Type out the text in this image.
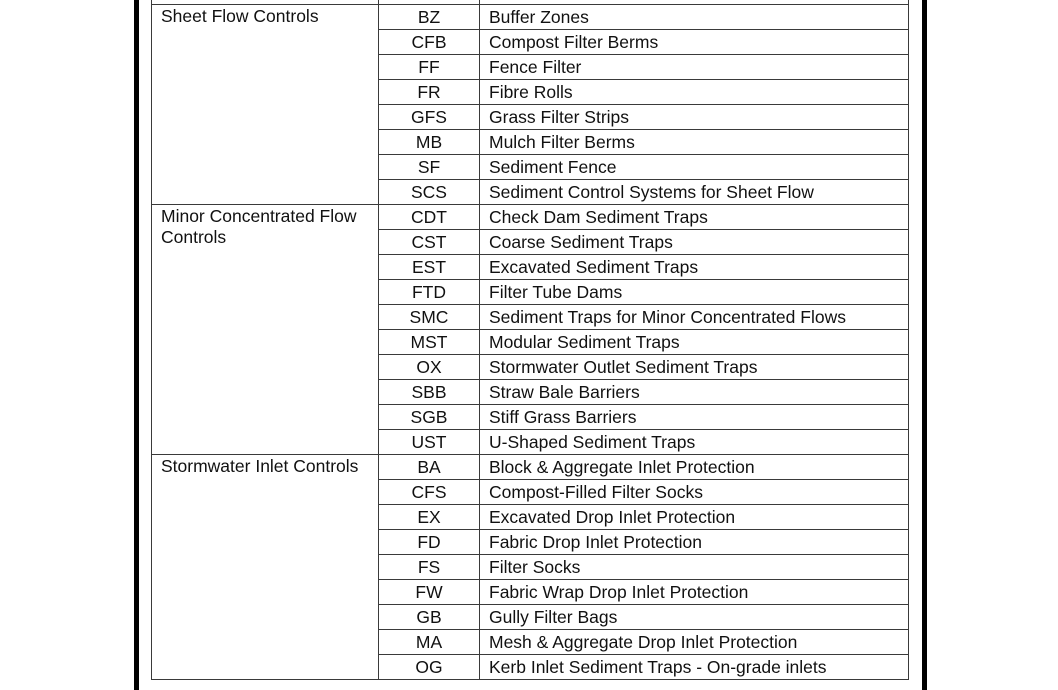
Sheet Flow Controls	BZ	Buffer Zones
	CFB	Compost Filter Berms
	FF	Fence Filter
	FR	Fibre Rolls
	GFS	Grass Filter Strips
	MB	Mulch Filter Berms
	SF	Sediment Fence
	SCS	Sediment Control Systems for Sheet Flow
Minor Concentrated Flow Controls	CDT	Check Dam Sediment Traps
	CST	Coarse Sediment Traps
	EST	Excavated Sediment Traps
	FTD	Filter Tube Dams
	SMC	Sediment Traps for Minor Concentrated Flows
	MST	Modular Sediment Traps
	OX	Stormwater Outlet Sediment Traps
	SBB	Straw Bale Barriers
	SGB	Stiff Grass Barriers
	UST	U-Shaped Sediment Traps
Stormwater Inlet Controls	BA	Block & Aggregate Inlet Protection
	CFS	Compost-Filled Filter Socks
	EX	Excavated Drop Inlet Protection
	FD	Fabric Drop Inlet Protection
	FS	Filter Socks
	FW	Fabric Wrap Drop Inlet Protection
	GB	Gully Filter Bags
	MA	Mesh & Aggregate Drop Inlet Protection
	OG	Kerb Inlet Sediment Traps - On-grade inlets
